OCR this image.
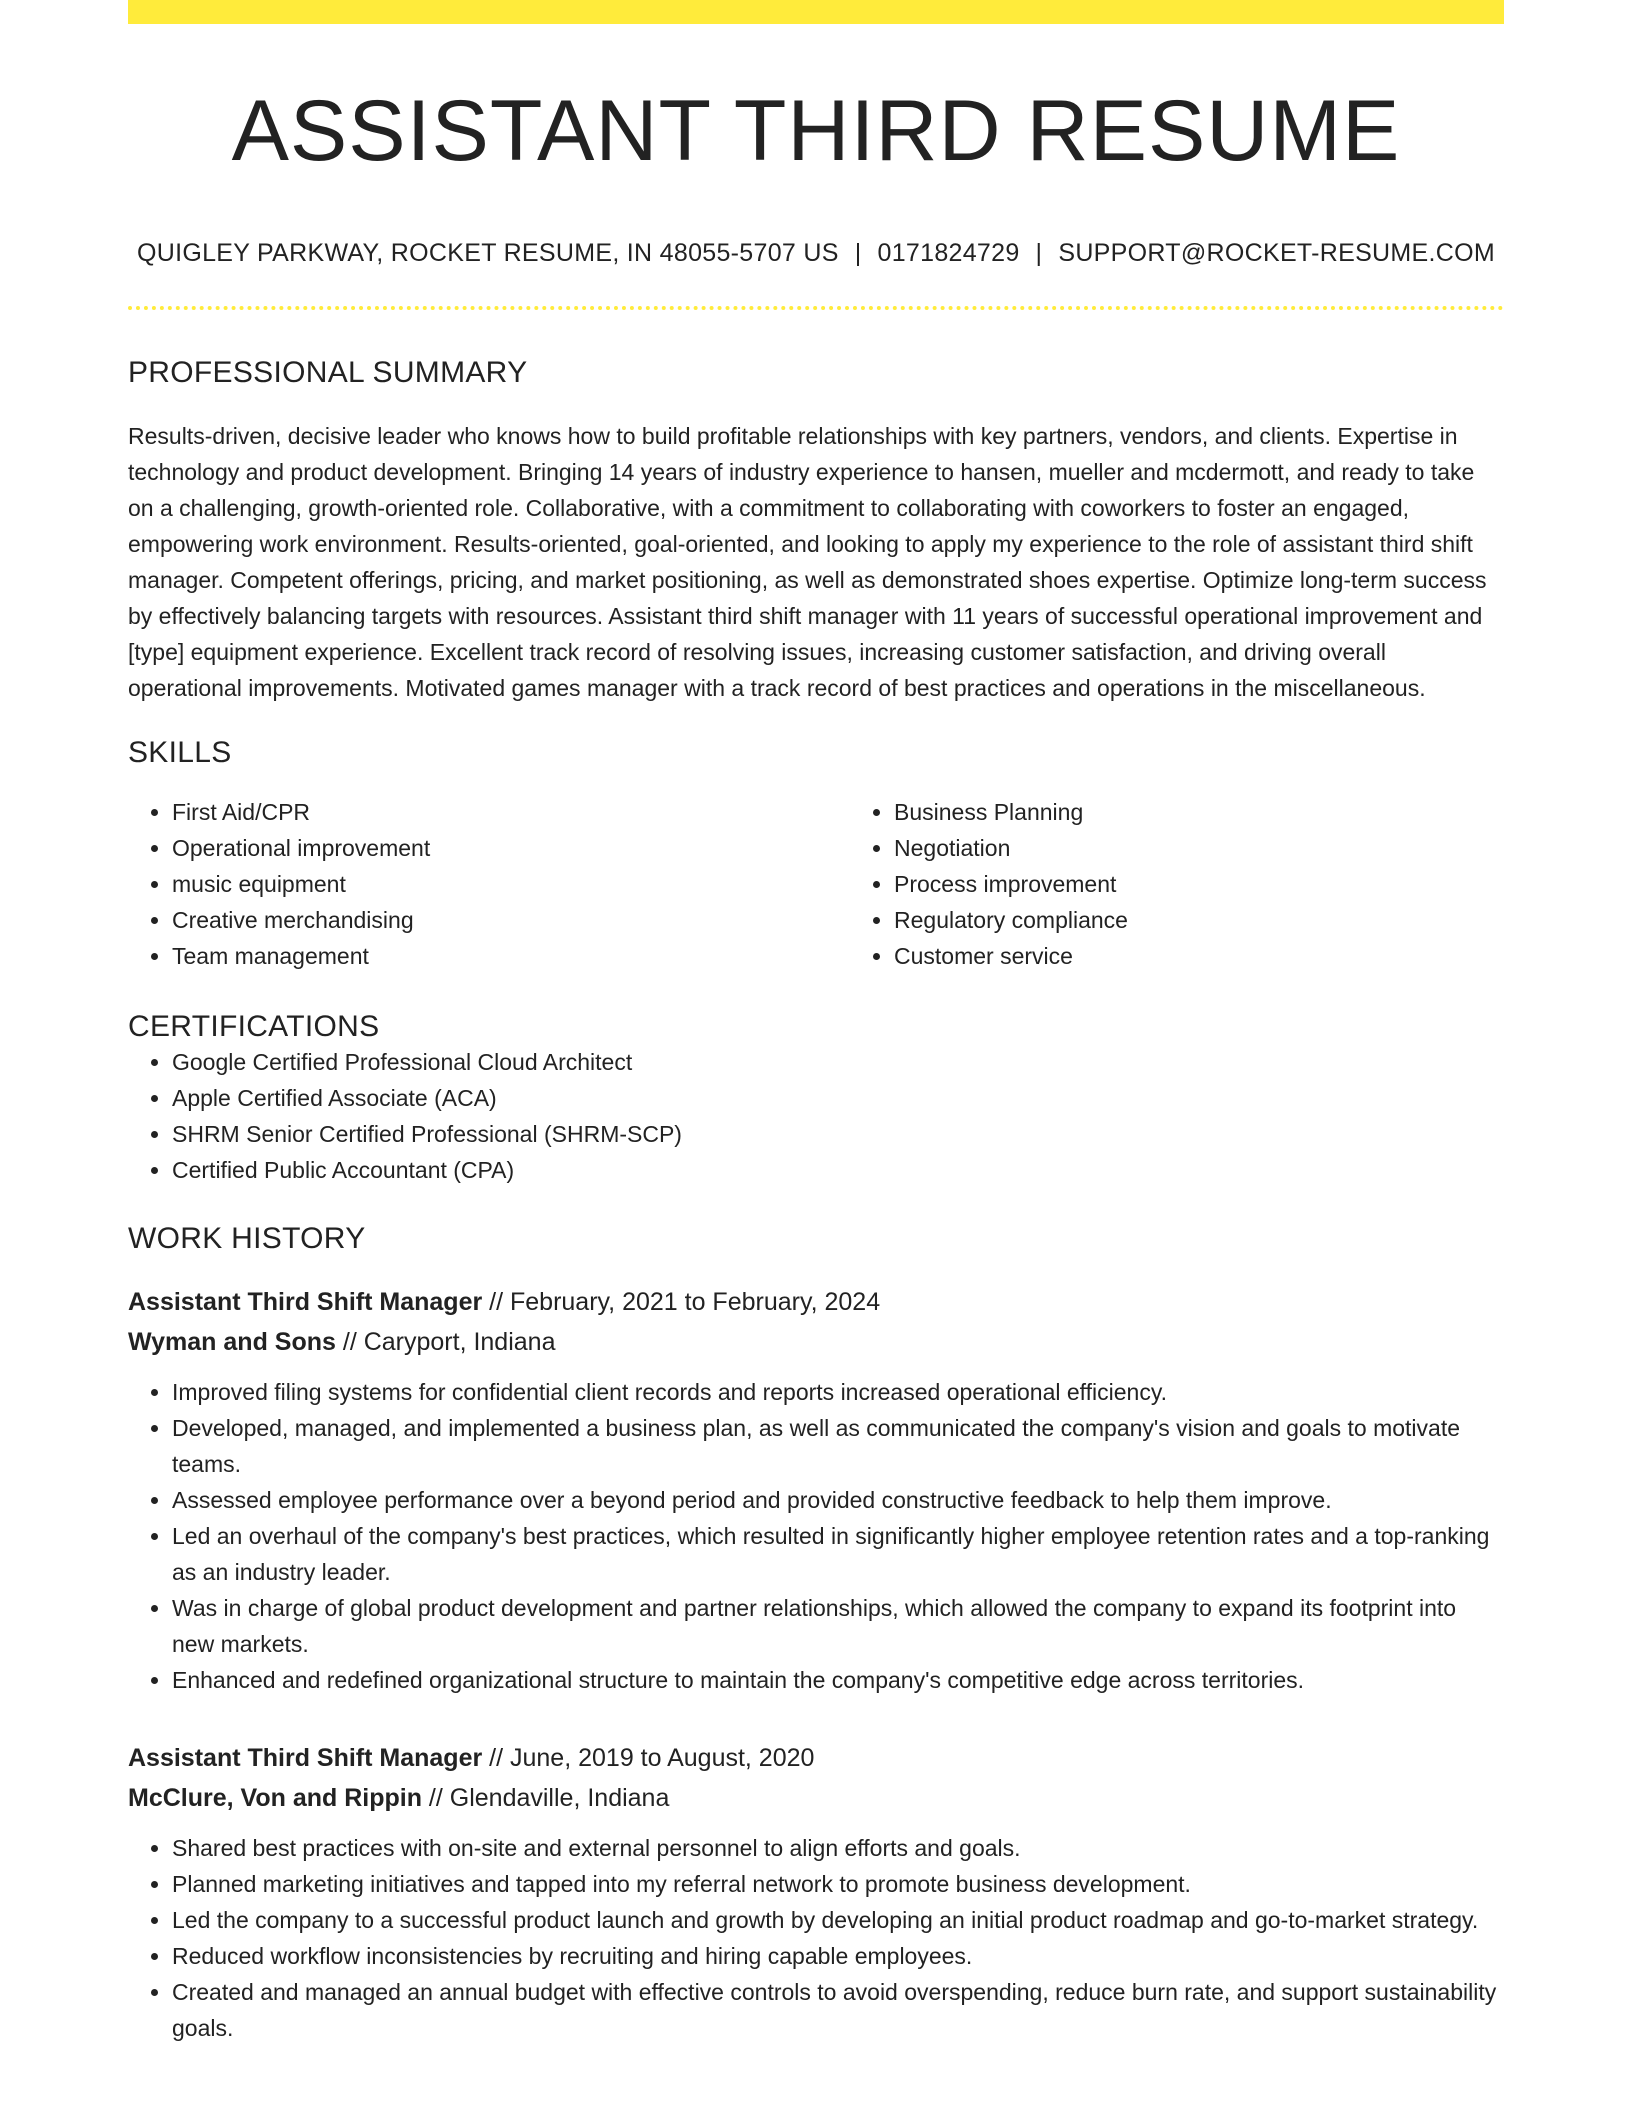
ASSISTANT THIRD RESUME
QUIGLEY PARKWAY, ROCKET RESUME, IN 48055-5707 US | 0171824729 | SUPPORT@ROCKET-RESUME.COM
PROFESSIONAL SUMMARY

Results-driven, decisive leader who knows how to build profitable relationships with key partners, vendors, and clients. Expertise in technology and product development. Bringing 14 years of industry experience to hansen, mueller and mcdermott, and ready to take on a challenging, growth-oriented role. Collaborative, with a commitment to collaborating with coworkers to foster an engaged, empowering work environment. Results-oriented, goal-oriented, and looking to apply my experience to the role of assistant third shift manager. Competent offerings, pricing, and market positioning, as well as demonstrated shoes expertise. Optimize long-term success by effectively balancing targets with resources. Assistant third shift manager with 11 years of successful operational improvement and [type] equipment experience. Excellent track record of resolving issues, increasing customer satisfaction, and driving overall operational improvements. Motivated games manager with a track record of best practices and operations in the miscellaneous.

SKILLS
• First Aid/CPR
• Operational improvement
• music equipment
• Creative merchandising
• Team management
• Business Planning
• Negotiation
• Process improvement
• Regulatory compliance
• Customer service
CERTIFICATIONS
• Google Certified Professional Cloud Architect
• Apple Certified Associate (ACA)
• SHRM Senior Certified Professional (SHRM-SCP)
• Certified Public Accountant (CPA)
WORK HISTORY
Assistant Third Shift Manager // February, 2021 to February, 2024
Wyman and Sons // Caryport, Indiana
• Improved filing systems for confidential client records and reports increased operational efficiency.
• Developed, managed, and implemented a business plan, as well as communicated the company's vision and goals to motivate teams.
• Assessed employee performance over a beyond period and provided constructive feedback to help them improve.
• Led an overhaul of the company's best practices, which resulted in significantly higher employee retention rates and a top-ranking as an industry leader.
• Was in charge of global product development and partner relationships, which allowed the company to expand its footprint into new markets.
• Enhanced and redefined organizational structure to maintain the company's competitive edge across territories.
Assistant Third Shift Manager // June, 2019 to August, 2020
McClure, Von and Rippin // Glendaville, Indiana
• Shared best practices with on-site and external personnel to align efforts and goals.
• Planned marketing initiatives and tapped into my referral network to promote business development.
• Led the company to a successful product launch and growth by developing an initial product roadmap and go-to-market strategy.
• Reduced workflow inconsistencies by recruiting and hiring capable employees.
• Created and managed an annual budget with effective controls to avoid overspending, reduce burn rate, and support sustainability goals.
